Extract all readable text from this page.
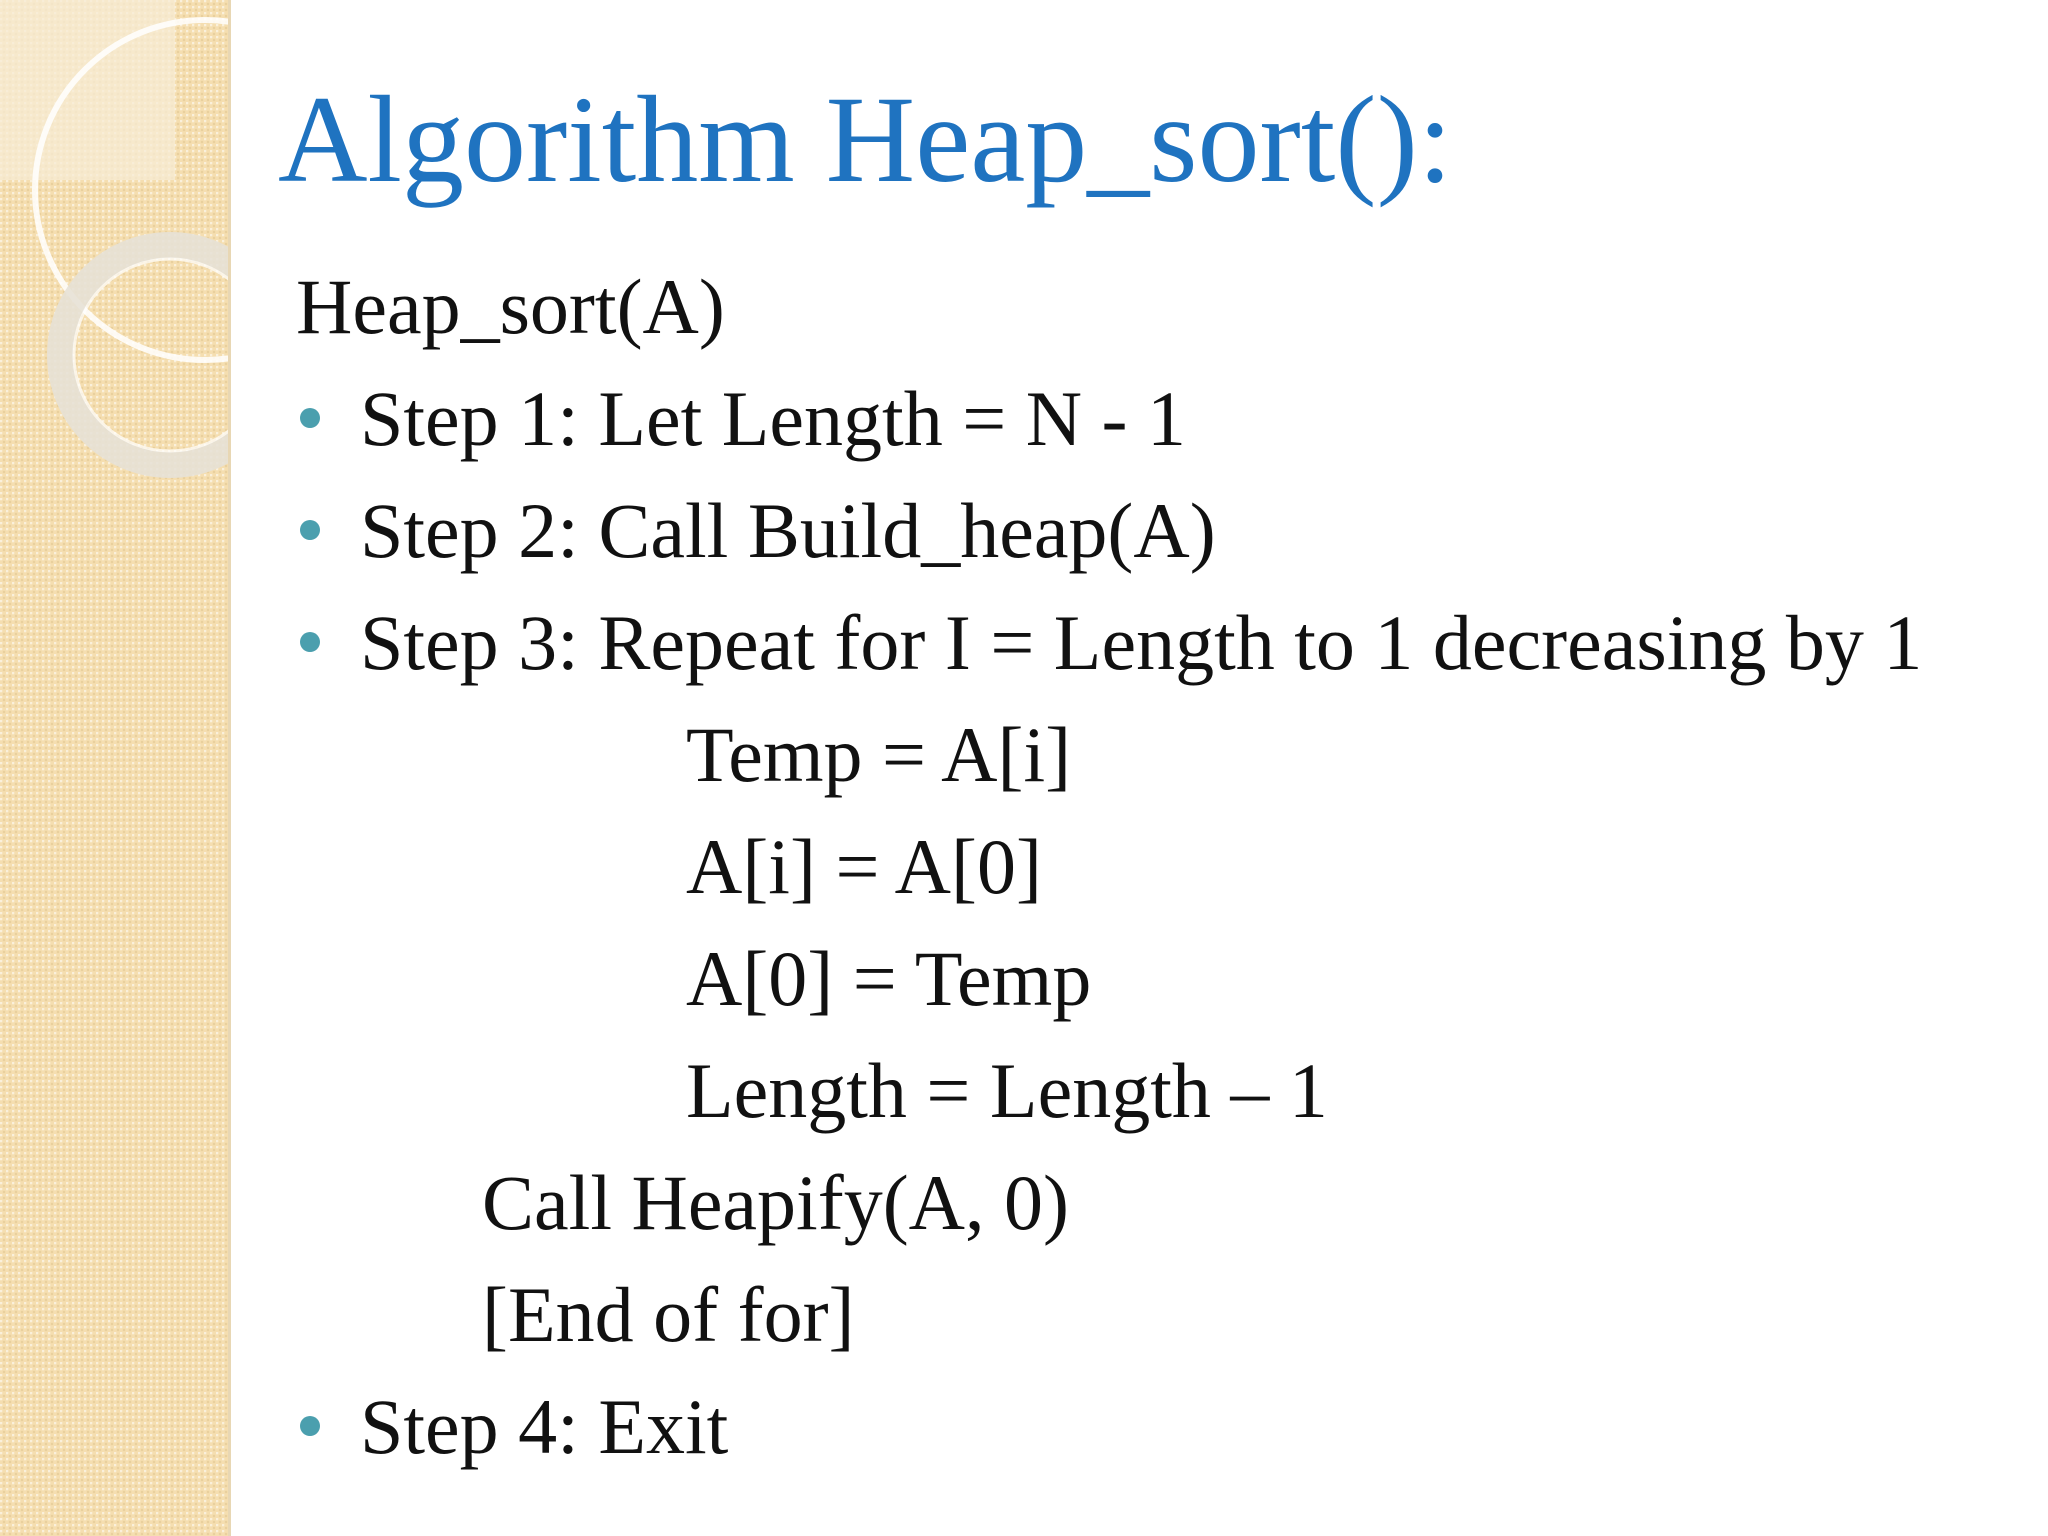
Algorithm Heap_sort():
Heap_sort(A)
Step 1: Let Length = N - 1
Step 2: Call Build_heap(A)
Step 3: Repeat for I = Length to 1 decreasing by 1
Temp = A[i]
A[i] = A[0]
A[0] = Temp
Length = Length – 1
Call Heapify(A, 0)
[End of for]
Step 4: Exit
